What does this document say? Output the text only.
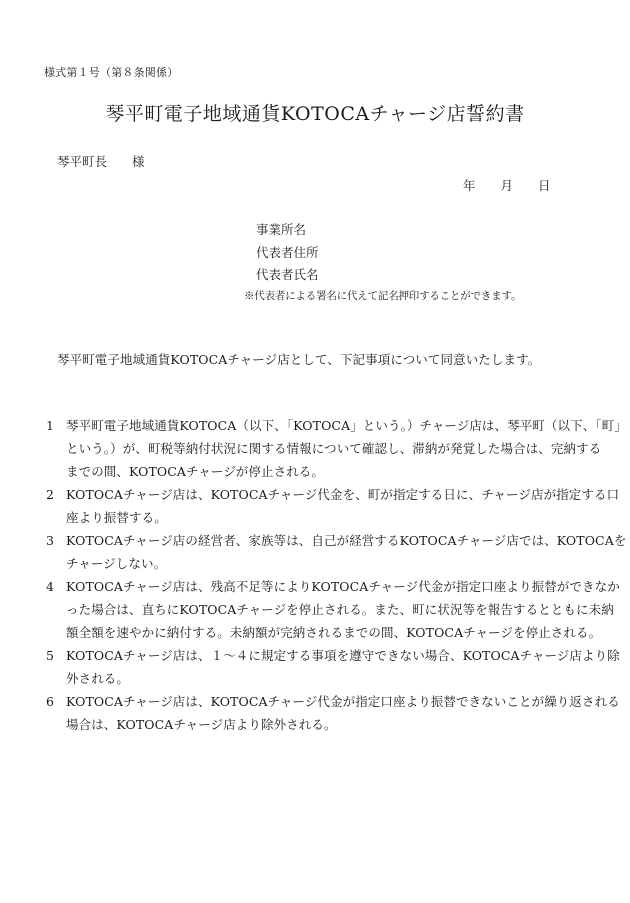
様式第１号（第８条関係）
琴平町電子地域通貨KOTOCAチャージ店誓約書
琴平町長　　様
年　　月　　日
事業所名
代表者住所
代表者氏名
※代表者による署名に代えて記名押印することができます。
琴平町電子地域通貨KOTOCAチャージ店として、下記事項について同意いたします。
1 琴平町電子地域通貨KOTOCA（以下、「KOTOCA」という。）チャージ店は、琴平町（以下、「町」
という。）が、町税等納付状況に関する情報について確認し、滞納が発覚した場合は、完納する
までの間、KOTOCAチャージが停止される。
2 KOTOCAチャージ店は、KOTOCAチャージ代金を、町が指定する日に、チャージ店が指定する口
座より振替する。
3 KOTOCAチャージ店の経営者、家族等は、自己が経営するKOTOCAチャージ店では、KOTOCAを
チャージしない。
4 KOTOCAチャージ店は、残高不足等によりKOTOCAチャージ代金が指定口座より振替ができなか
った場合は、直ちにKOTOCAチャージを停止される。また、町に状況等を報告するとともに未納
額全額を速やかに納付する。未納額が完納されるまでの間、KOTOCAチャージを停止される。
5 KOTOCAチャージ店は、１～４に規定する事項を遵守できない場合、KOTOCAチャージ店より除
外される。
6 KOTOCAチャージ店は、KOTOCAチャージ代金が指定口座より振替できないことが繰り返される
場合は、KOTOCAチャージ店より除外される。
